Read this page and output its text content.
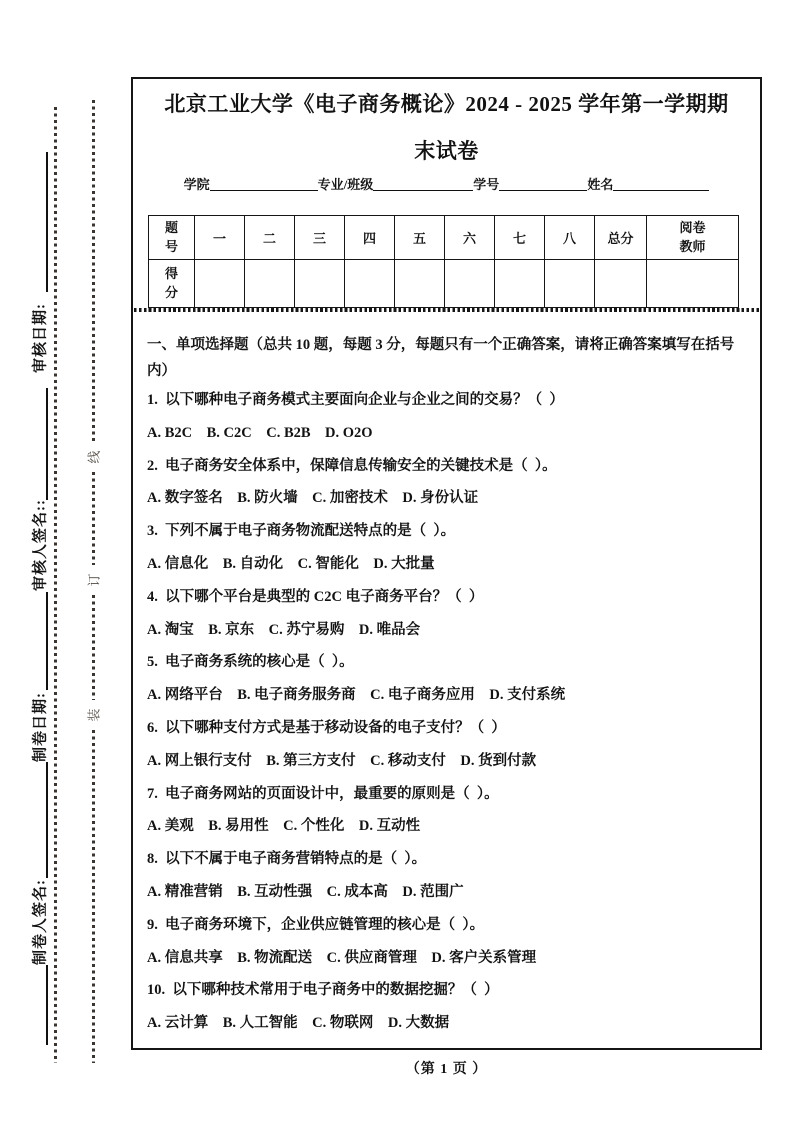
审核日期:
审核人签名::
制卷日期:
制卷人签名:
线
订
装
北京工业大学《电子商务概论》2024 - 2025 学年第一学期期末试卷
学院	专业/班级	学号	姓名
题号	一	二	三	四	五	六	七	八	总分	阅卷教师
得分										
一、单项选择题（总共 10 题，每题 3 分，每题只有一个正确答案，请将正确答案填写在括号内）
1.  以下哪种电子商务模式主要面向企业与企业之间的交易？（  ）
A. B2C    B. C2C    C. B2B    D. O2O
2.  电子商务安全体系中，保障信息传输安全的关键技术是（  ）。
A. 数字签名    B. 防火墙    C. 加密技术    D. 身份认证
3.  下列不属于电子商务物流配送特点的是（  ）。
A. 信息化    B. 自动化    C. 智能化    D. 大批量
4.  以下哪个平台是典型的 C2C 电子商务平台？（  ）
A. 淘宝    B. 京东    C. 苏宁易购    D. 唯品会
5.  电子商务系统的核心是（  ）。
A. 网络平台    B. 电子商务服务商    C. 电子商务应用    D. 支付系统
6.  以下哪种支付方式是基于移动设备的电子支付？（  ）
A. 网上银行支付    B. 第三方支付    C. 移动支付    D. 货到付款
7.  电子商务网站的页面设计中，最重要的原则是（  ）。
A. 美观    B. 易用性    C. 个性化    D. 互动性
8.  以下不属于电子商务营销特点的是（  ）。
A. 精准营销    B. 互动性强    C. 成本高    D. 范围广
9.  电子商务环境下，企业供应链管理的核心是（  ）。
A. 信息共享    B. 物流配送    C. 供应商管理    D. 客户关系管理
10.  以下哪种技术常用于电子商务中的数据挖掘？（  ）
A. 云计算    B. 人工智能    C. 物联网    D. 大数据
（第 1 页 ）
